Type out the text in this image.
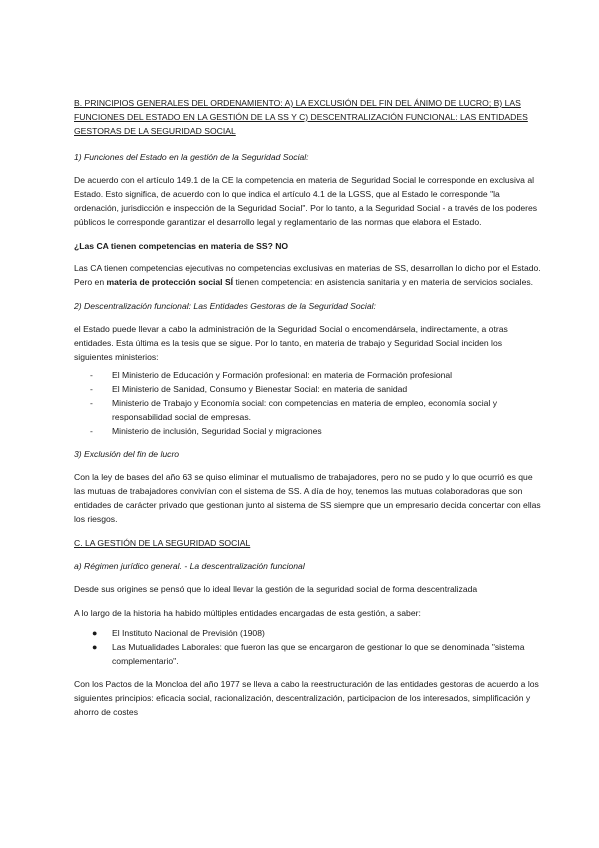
B. PRINCIPIOS GENERALES DEL ORDENAMIENTO: A) LA EXCLUSIÓN DEL FIN DEL ÁNIMO DE LUCRO; B) LAS FUNCIONES DEL ESTADO EN LA GESTIÓN DE LA SS Y C) DESCENTRALIZACIÓN FUNCIONAL: LAS ENTIDADES GESTORAS DE LA SEGURIDAD SOCIAL

1) Funciones del Estado en la gestión de la Seguridad Social:

De acuerdo con el artículo 149.1 de la CE la competencia en materia de Seguridad Social le corresponde en exclusiva al Estado. Esto significa, de acuerdo con lo que indica el artículo 4.1 de la LGSS, que al Estado le corresponde "la ordenación, jurisdicción e inspección de la Seguridad Social". Por lo tanto, a la Seguridad Social - a través de los poderes públicos le corresponde garantizar el desarrollo legal y reglamentario de las normas que elabora el Estado.

¿Las CA tienen competencias en materia de SS? NO

Las CA tienen competencias ejecutivas no competencias exclusivas en materias de SS, desarrollan lo dicho por el Estado. Pero en materia de protección social SÍ tienen competencia: en asistencia sanitaria y en materia de servicios sociales.

2) Descentralización funcional: Las Entidades Gestoras de la Seguridad Social:

el Estado puede llevar a cabo la administración de la Seguridad Social o encomendársela, indirectamente, a otras entidades. Esta última es la tesis que se sigue. Por lo tanto, en materia de trabajo y Seguridad Social inciden los siguientes ministerios:

- El Ministerio de Educación y Formación profesional: en materia de Formación profesional
- El Ministerio de Sanidad, Consumo y Bienestar Social: en materia de sanidad
- Ministerio de Trabajo y Economía social: con competencias en materia de empleo, economía social y responsabilidad social de empresas.
- Ministerio de inclusión, Seguridad Social y migraciones

3) Exclusión del fin de lucro

Con la ley de bases del año 63 se quiso eliminar el mutualismo de trabajadores, pero no se pudo y lo que ocurrió es que las mutuas de trabajadores convivían con el sistema de SS. A día de hoy, tenemos las mutuas colaboradoras que son entidades de carácter privado que gestionan junto al sistema de SS siempre que un empresario decida concertar con ellas los riesgos.

C. LA GESTIÓN DE LA SEGURIDAD SOCIAL

a) Régimen jurídico general. - La descentralización funcional

Desde sus origines se pensó que lo ideal llevar la gestión de la seguridad social de forma descentralizada

A lo largo de la historia ha habido múltiples entidades encargadas de esta gestión, a saber:

● El Instituto Nacional de Previsión (1908)
● Las Mutualidades Laborales: que fueron las que se encargaron de gestionar lo que se denominada "sistema complementario".

Con los Pactos de la Moncloa del año 1977 se lleva a cabo la reestructuración de las entidades gestoras de acuerdo a los siguientes principios: eficacia social, racionalización, descentralización, participacion de los interesados, simplificación y ahorro de costes
